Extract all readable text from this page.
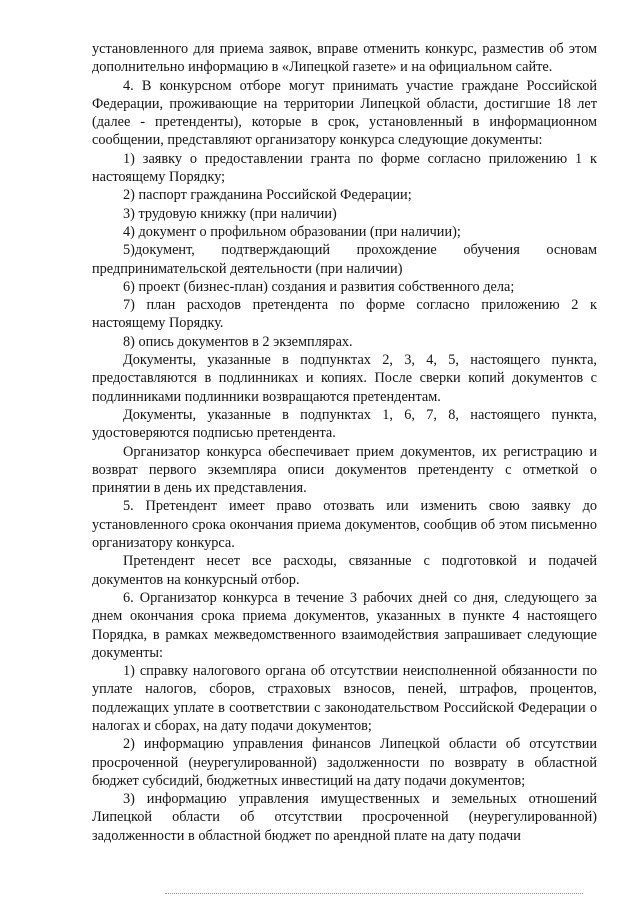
установленного для приема заявок, вправе отменить конкурс, разместив об этом дополнительно информацию в «Липецкой газете» и на официальном сайте.

4. В конкурсном отборе могут принимать участие граждане Российской Федерации, проживающие на территории Липецкой области, достигшие 18 лет (далее - претенденты), которые в срок, установленный в информационном сообщении, представляют организатору конкурса следующие документы:

1) заявку о предоставлении гранта по форме согласно приложению 1 к настоящему Порядку;

2) паспорт гражданина Российской Федерации;

3) трудовую книжку (при наличии)

4) документ о профильном образовании (при наличии);

5)документ, подтверждающий прохождение обучения основам предпринимательской деятельности (при наличии)

6) проект (бизнес-план) создания и развития собственного дела;

7) план расходов претендента по форме согласно приложению 2 к настоящему Порядку.

8) опись документов в 2 экземплярах.

Документы, указанные в подпунктах 2, 3, 4, 5, настоящего пункта, предоставляются в подлинниках и копиях. После сверки копий документов с подлинниками подлинники возвращаются претендентам.

Документы, указанные в подпунктах 1, 6, 7, 8, настоящего пункта, удостоверяются подписью претендента.

Организатор конкурса обеспечивает прием документов, их регистрацию и возврат первого экземпляра описи документов претенденту с отметкой о принятии в день их представления.

5. Претендент имеет право отозвать или изменить свою заявку до установленного срока окончания приема документов, сообщив об этом письменно организатору конкурса.

Претендент несет все расходы, связанные с подготовкой и подачей документов на конкурсный отбор.

6. Организатор конкурса в течение 3 рабочих дней со дня, следующего за днем окончания срока приема документов, указанных в пункте 4 настоящего Порядка, в рамках межведомственного взаимодействия запрашивает следующие документы:

1) справку налогового органа об отсутствии неисполненной обязанности по уплате налогов, сборов, страховых взносов, пеней, штрафов, процентов, подлежащих уплате в соответствии с законодательством Российской Федерации о налогах и сборах, на дату подачи документов;

2) информацию управления финансов Липецкой области об отсутствии просроченной (неурегулированной) задолженности по возврату в областной бюджет субсидий, бюджетных инвестиций на дату подачи документов;

3) информацию управления имущественных и земельных отношений Липецкой области об отсутствии просроченной (неурегулированной) задолженности в областной бюджет по арендной плате на дату подачи
